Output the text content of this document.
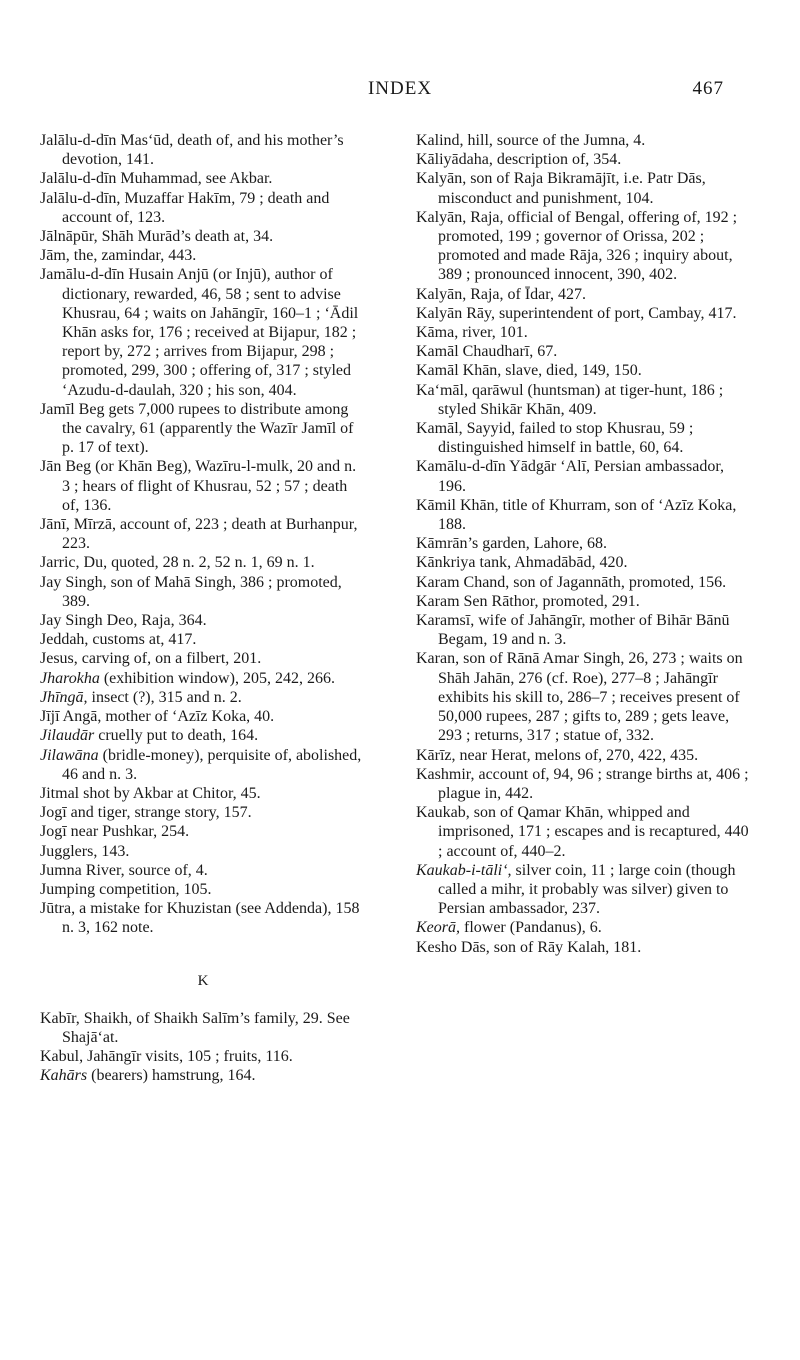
INDEX	467

Jalālu-d-dīn Mas‘ūd, death of, and his mother’s devotion, 141.

Jalālu-d-dīn Muhammad, see Akbar.

Jalālu-d-dīn, Muzaffar Hakīm, 79 ; death and account of, 123.

Jālnāpūr, Shāh Murād’s death at, 34.

Jām, the, zamindar, 443.

Jamālu-d-dīn Husain Anjū (or Injū), author of dictionary, rewarded, 46, 58 ; sent to advise Khusrau, 64 ; waits on Jahāngīr, 160–1 ; ‘Ādil Khān asks for, 176 ; received at Bijapur, 182 ; report by, 272 ; arrives from Bijapur, 298 ; promoted, 299, 300 ; offering of, 317 ; styled ‘Azudu-d-daulah, 320 ; his son, 404.

Jamīl Beg gets 7,000 rupees to distribute among the cavalry, 61 (apparently the Wazīr Jamīl of p. 17 of text).

Jān Beg (or Khān Beg), Wazīru-l-mulk, 20 and n. 3 ; hears of flight of Khusrau, 52 ; 57 ; death of, 136.

Jānī, Mīrzā, account of, 223 ; death at Burhanpur, 223.

Jarric, Du, quoted, 28 n. 2, 52 n. 1, 69 n. 1.

Jay Singh, son of Mahā Singh, 386 ; promoted, 389.

Jay Singh Deo, Raja, 364.

Jeddah, customs at, 417.

Jesus, carving of, on a filbert, 201.

Jharokha (exhibition window), 205, 242, 266.

Jhīngā, insect (?), 315 and n. 2.

Jījī Angā, mother of ‘Azīz Koka, 40.

Jilaudār cruelly put to death, 164.

Jilawāna (bridle-money), perquisite of, abolished, 46 and n. 3.

Jitmal shot by Akbar at Chitor, 45.

Jogī and tiger, strange story, 157.

Jogī near Pushkar, 254.

Jugglers, 143.

Jumna River, source of, 4.

Jumping competition, 105.

Jūtra, a mistake for Khuzistan (see Addenda), 158 n. 3, 162 note.

K

Kabīr, Shaikh, of Shaikh Salīm’s family, 29. See Shajā‘at.

Kabul, Jahāngīr visits, 105 ; fruits, 116.

Kahārs (bearers) hamstrung, 164.

Kalind, hill, source of the Jumna, 4.

Kāliyādaha, description of, 354.

Kalyān, son of Raja Bikramājīt, i.e. Patr Dās, misconduct and punishment, 104.

Kalyān, Raja, official of Bengal, offering of, 192 ; promoted, 199 ; governor of Orissa, 202 ; promoted and made Rāja, 326 ; inquiry about, 389 ; pronounced innocent, 390, 402.

Kalyān, Raja, of Īdar, 427.

Kalyān Rāy, superintendent of port, Cambay, 417.

Kāma, river, 101.

Kamāl Chaudharī, 67.

Kamāl Khān, slave, died, 149, 150.

Ka‘māl, qarāwul (huntsman) at tiger-hunt, 186 ; styled Shikār Khān, 409.

Kamāl, Sayyid, failed to stop Khusrau, 59 ; distinguished himself in battle, 60, 64.

Kamālu-d-dīn Yādgār ‘Alī, Persian ambassador, 196.

Kāmil Khān, title of Khurram, son of ‘Azīz Koka, 188.

Kāmrān’s garden, Lahore, 68.

Kānkriya tank, Ahmadābād, 420.

Karam Chand, son of Jagannāth, promoted, 156.

Karam Sen Rāthor, promoted, 291.

Karamsī, wife of Jahāngīr, mother of Bihār Bānū Begam, 19 and n. 3.

Karan, son of Rānā Amar Singh, 26, 273 ; waits on Shāh Jahān, 276 (cf. Roe), 277–8 ; Jahāngīr exhibits his skill to, 286–7 ; receives present of 50,000 rupees, 287 ; gifts to, 289 ; gets leave, 293 ; returns, 317 ; statue of, 332.

Kārīz, near Herat, melons of, 270, 422, 435.

Kashmir, account of, 94, 96 ; strange births at, 406 ; plague in, 442.

Kaukab, son of Qamar Khān, whipped and imprisoned, 171 ; escapes and is recaptured, 440 ; account of, 440–2.

Kaukab-i-tāli‘, silver coin, 11 ; large coin (though called a mihr, it probably was silver) given to Persian ambassador, 237.

Keorā, flower (Pandanus), 6.

Kesho Dās, son of Rāy Kalah, 181.
